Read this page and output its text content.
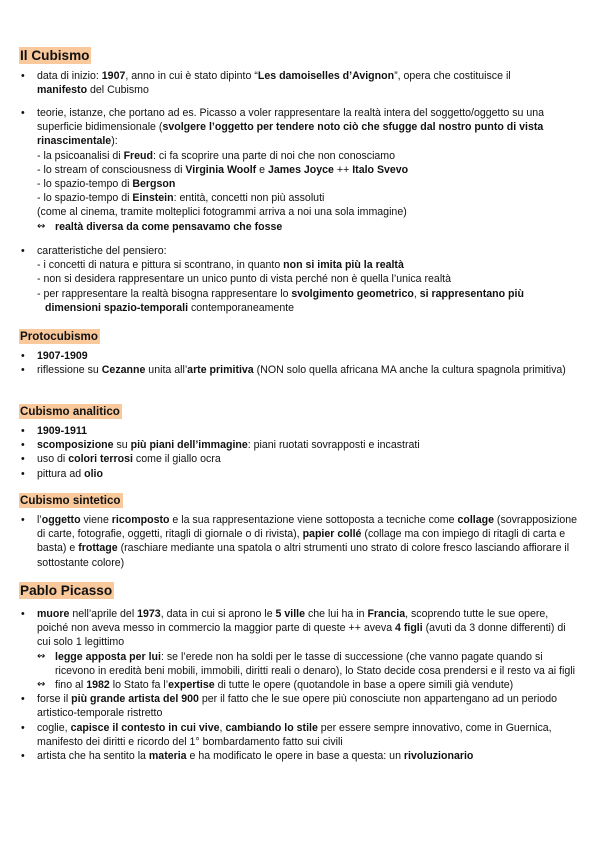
Il Cubismo
• data di inizio: 1907, anno in cui è stato dipinto “Les damoiselles d’Avignon”, opera che costituisce il
manifesto del Cubismo
• teorie, istanze, che portano ad es. Picasso a voler rappresentare la realtà intera del soggetto/oggetto su una superficie bidimensionale (svolgere l’oggetto per tendere noto ciò che sfugge dal nostro punto di vista rinascimentale):
- la psicoanalisi di Freud: ci fa scoprire una parte di noi che non conosciamo
- lo stream of consciousness di Virginia Woolf e James Joyce ++ Italo Svevo
- lo spazio-tempo di Bergson
- lo spazio-tempo di Einstein: entità, concetti non più assoluti
(come al cinema, tramite molteplici fotogrammi arriva a noi una sola immagine)
↭ realtà diversa da come pensavamo che fosse
• caratteristiche del pensiero:
- i concetti di natura e pittura si scontrano, in quanto non si imita più la realtà
- non si desidera rappresentare un unico punto di vista perché non è quella l’unica realtà
- per rappresentare la realtà bisogna rappresentare lo svolgimento geometrico, si rappresentano più
dimensioni spazio-temporali contemporaneamente
Protocubismo
• 1907-1909
• riflessione su Cezanne unita all’arte primitiva (NON solo quella africana MA anche la cultura spagnola primitiva)
Cubismo analitico
• 1909-1911
• scomposizione su più piani dell’immagine: piani ruotati sovrapposti e incastrati
• uso di colori terrosi come il giallo ocra
• pittura ad olio
Cubismo sintetico
• l’oggetto viene ricomposto e la sua rappresentazione viene sottoposta a tecniche come collage (sovrapposizione di carte, fotografie, oggetti, ritagli di giornale o di rivista), papier collé (collage ma con impiego di ritagli di carta e basta) e frottage (raschiare mediante una spatola o altri strumenti uno strato di colore fresco lasciando affiorare il sottostante colore)
Pablo Picasso
• muore nell’aprile del 1973, data in cui si aprono le 5 ville che lui ha in Francia, scoprendo tutte le sue opere, poiché non aveva messo in commercio la maggior parte di queste ++ aveva 4 figli (avuti da 3 donne differenti) di cui solo 1 legittimo
↭ legge apposta per lui: se l’erede non ha soldi per le tasse di successione (che vanno pagate quando si ricevono in eredità beni mobili, immobili, diritti reali o denaro), lo Stato decide cosa prendersi e il resto va ai figli
↭ fino al 1982 lo Stato fa l’expertise di tutte le opere (quotandole in base a opere simili già vendute)
• forse il più grande artista del 900 per il fatto che le sue opere più conosciute non appartengano ad un periodo artistico-temporale ristretto
• coglie, capisce il contesto in cui vive, cambiando lo stile per essere sempre innovativo, come in Guernica, manifesto dei diritti e ricordo del 1° bombardamento fatto sui civili
• artista che ha sentito la materia e ha modificato le opere in base a questa: un rivoluzionario
